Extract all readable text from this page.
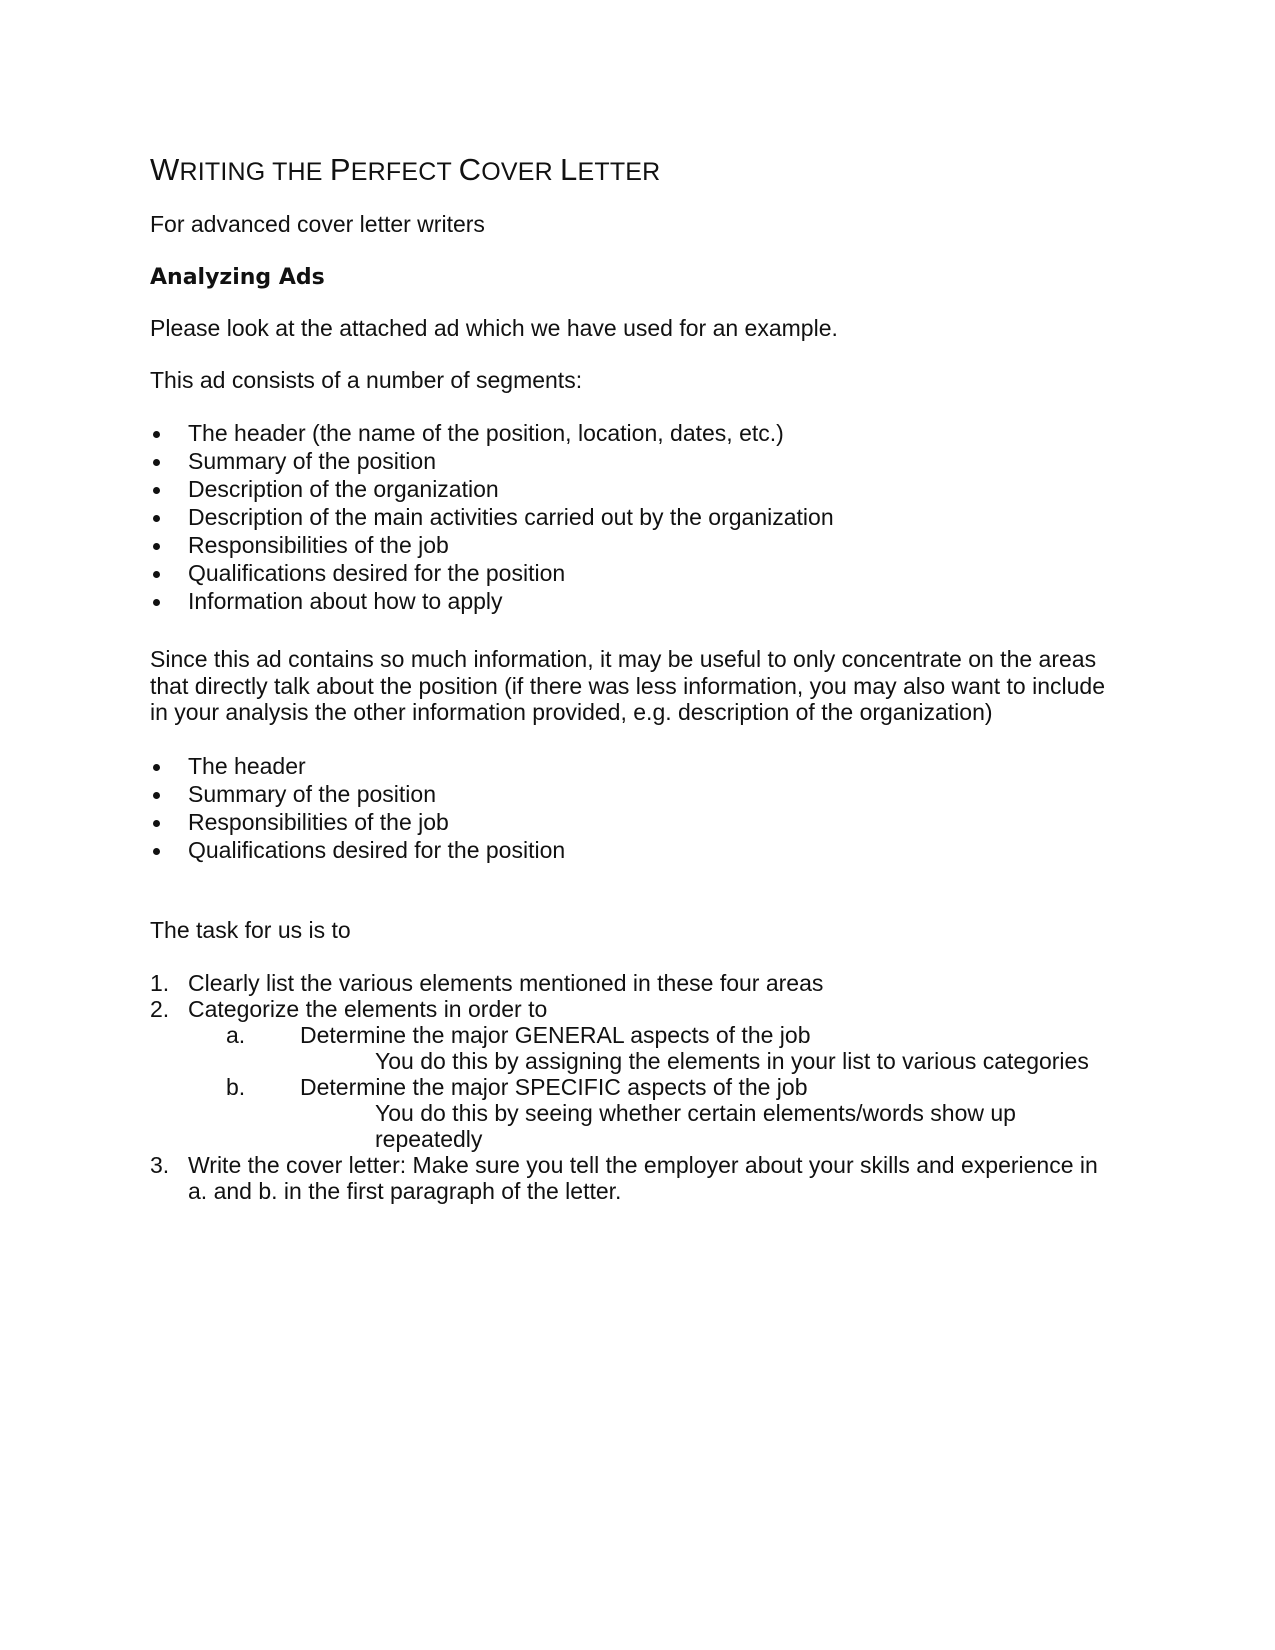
WRITING THE PERFECT COVER LETTER
For advanced cover letter writers
Analyzing Ads
Please look at the attached ad which we have used for an example.
This ad consists of a number of segments:
The header (the name of the position, location, dates, etc.)
Summary of the position
Description of the organization
Description of the main activities carried out by the organization
Responsibilities of the job
Qualifications desired for the position
Information about how to apply
Since this ad contains so much information, it may be useful to only concentrate on the areas
that directly talk about the position (if there was less information, you may also want to include
in your analysis the other information provided, e.g. description of the organization)
The header
Summary of the position
Responsibilities of the job
Qualifications desired for the position
The task for us is to
1. Clearly list the various elements mentioned in these four areas
2. Categorize the elements in order to
a. Determine the major GENERAL aspects of the job
You do this by assigning the elements in your list to various categories
b. Determine the major SPECIFIC aspects of the job
You do this by seeing whether certain elements/words show up
repeatedly
3. Write the cover letter: Make sure you tell the employer about your skills and experience in
a. and b. in the first paragraph of the letter.
